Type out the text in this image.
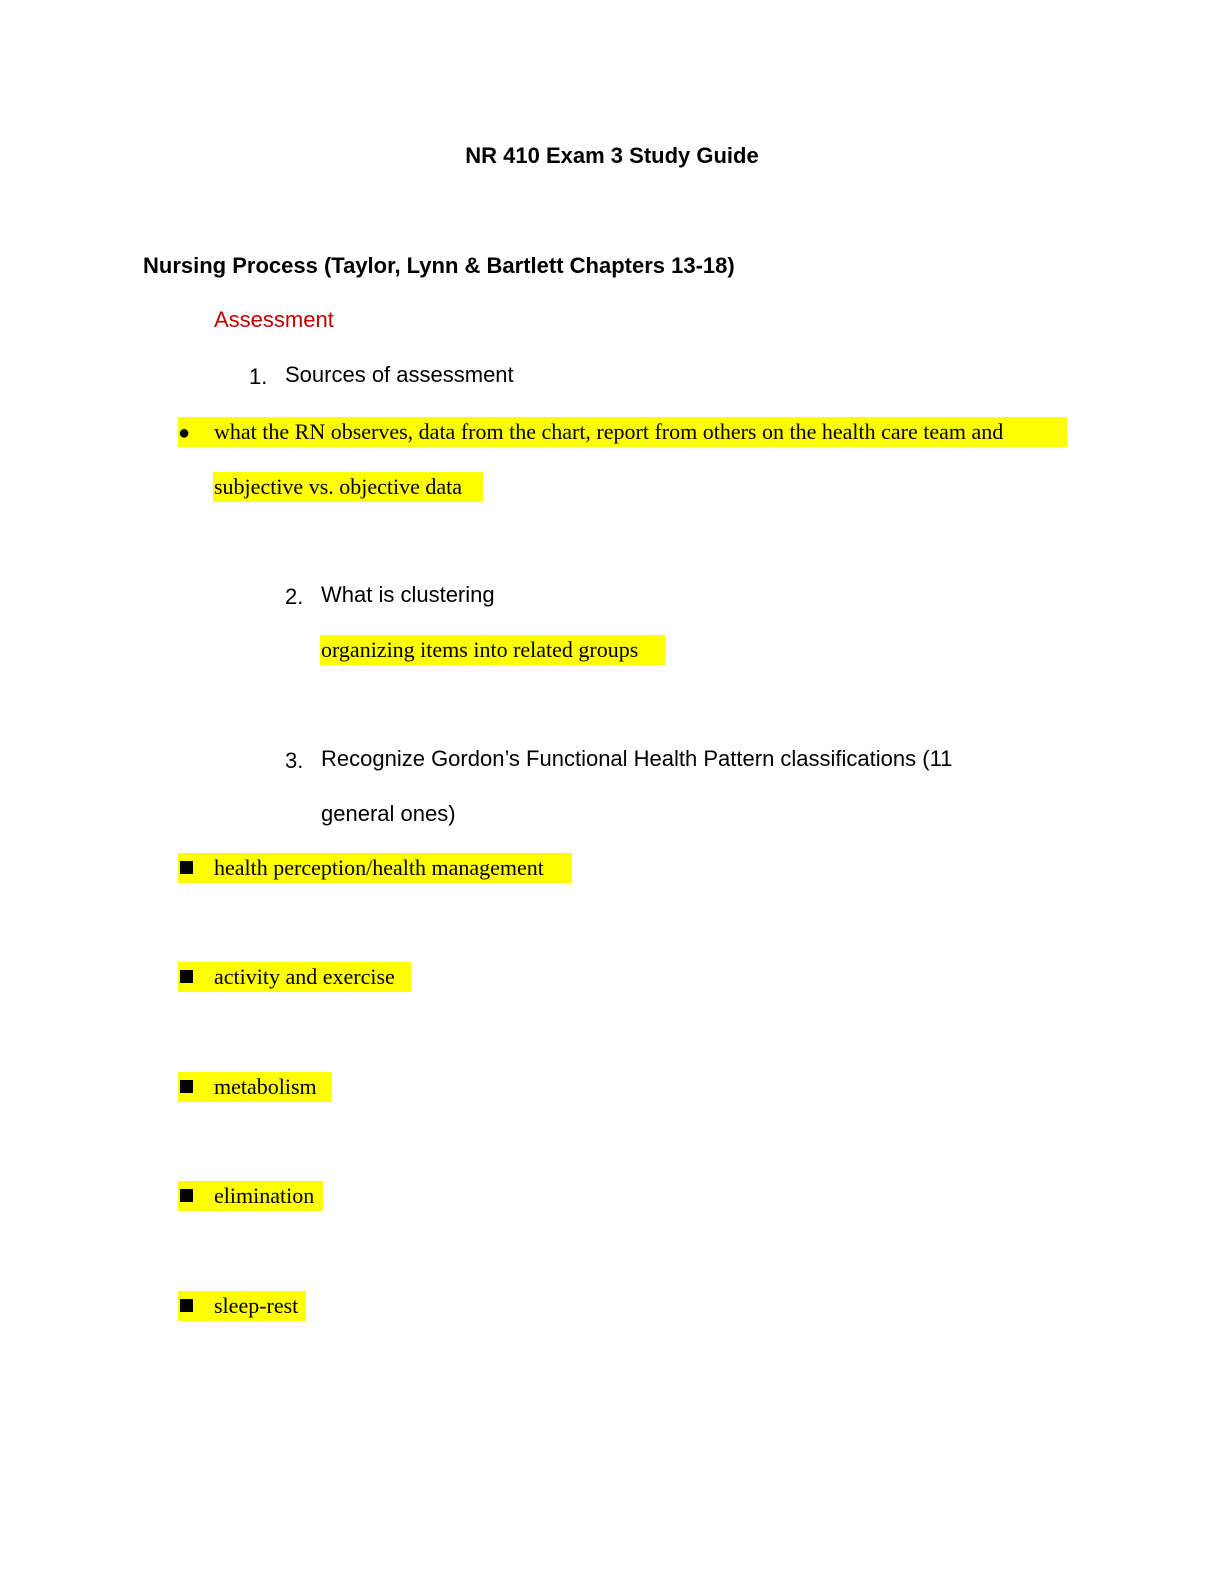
NR 410 Exam 3 Study Guide
Nursing Process (Taylor, Lynn & Bartlett Chapters 13-18)
Assessment
1. Sources of assessment
● what the RN observes, data from the chart, report from others on the health care team and
subjective vs. objective data
2. What is clustering
organizing items into related groups
3. Recognize Gordon’s Functional Health Pattern classifications (11
general ones)
health perception/health management
activity and exercise
metabolism
elimination
sleep-rest
